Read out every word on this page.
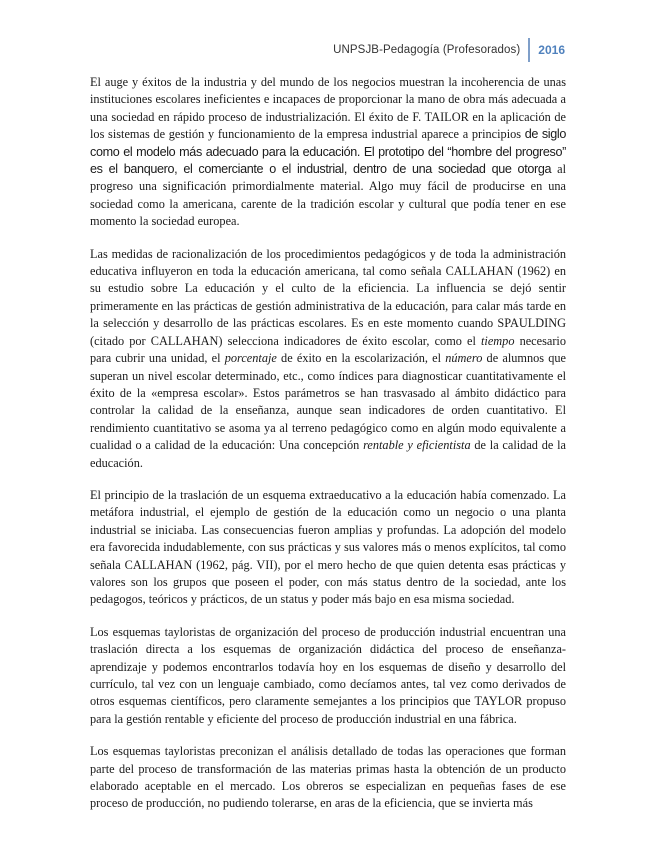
UNPSJB-Pedagogía (Profesorados)	2016

El auge y éxitos de la industria y del mundo de los negocios muestran la incoherencia de unas instituciones escolares ineficientes e incapaces de proporcionar la mano de obra más adecuada a una sociedad en rápido proceso de industrialización. El éxito de F. TAILOR en la aplicación de los sistemas de gestión y funcionamiento de la empresa industrial aparece a principios de siglo como el modelo más adecuado para la educación. El prototipo del “hombre del progreso” es el banquero, el comerciante o el industrial, dentro de una sociedad que otorga al progreso una significación primordialmente material. Algo muy fácil de producirse en una sociedad como la americana, carente de la tradición escolar y cultural que podía tener en ese momento la sociedad europea.

Las medidas de racionalización de los procedimientos pedagógicos y de toda la administración educativa influyeron en toda la educación americana, tal como señala CALLAHAN (1962) en su estudio sobre La educación y el culto de la eficiencia. La influencia se dejó sentir primeramente en las prácticas de gestión administrativa de la educación, para calar más tarde en la selección y desarrollo de las prácticas escolares. Es en este momento cuando SPAULDING (citado por CALLAHAN) selecciona indicadores de éxito escolar, como el tiempo necesario para cubrir una unidad, el porcentaje de éxito en la escolarización, el número de alumnos que superan un nivel escolar determinado, etc., como índices para diagnosticar cuantitativamente el éxito de la «empresa escolar». Estos parámetros se han trasvasado al ámbito didáctico para controlar la calidad de la enseñanza, aunque sean indicadores de orden cuantitativo. El rendimiento cuantitativo se asoma ya al terreno pedagógico como en algún modo equivalente a cualidad o a calidad de la educación: Una concepción rentable y eficientista de la calidad de la educación.

El principio de la traslación de un esquema extraeducativo a la educación había comenzado. La metáfora industrial, el ejemplo de gestión de la educación como un negocio o una planta industrial se iniciaba. Las consecuencias fueron amplias y profundas. La adopción del modelo era favorecida indudablemente, con sus prácticas y sus valores más o menos explícitos, tal como señala CALLAHAN (1962, pág. VII), por el mero hecho de que quien detenta esas prácticas y valores son los grupos que poseen el poder, con más status dentro de la sociedad, ante los pedagogos, teóricos y prácticos, de un status y poder más bajo en esa misma sociedad.

Los esquemas tayloristas de organización del proceso de producción industrial encuentran una traslación directa a los esquemas de organización didáctica del proceso de enseñanza-aprendizaje y podemos encontrarlos todavía hoy en los esquemas de diseño y desarrollo del currículo, tal vez con un lenguaje cambiado, como decíamos antes, tal vez como derivados de otros esquemas científicos, pero claramente semejantes a los principios que TAYLOR propuso para la gestión rentable y eficiente del proceso de producción industrial en una fábrica.

Los esquemas tayloristas preconizan el análisis detallado de todas las operaciones que forman parte del proceso de transformación de las materias primas hasta la obtención de un producto elaborado aceptable en el mercado. Los obreros se especializan en pequeñas fases de ese proceso de producción, no pudiendo tolerarse, en aras de la eficiencia, que se invierta más
